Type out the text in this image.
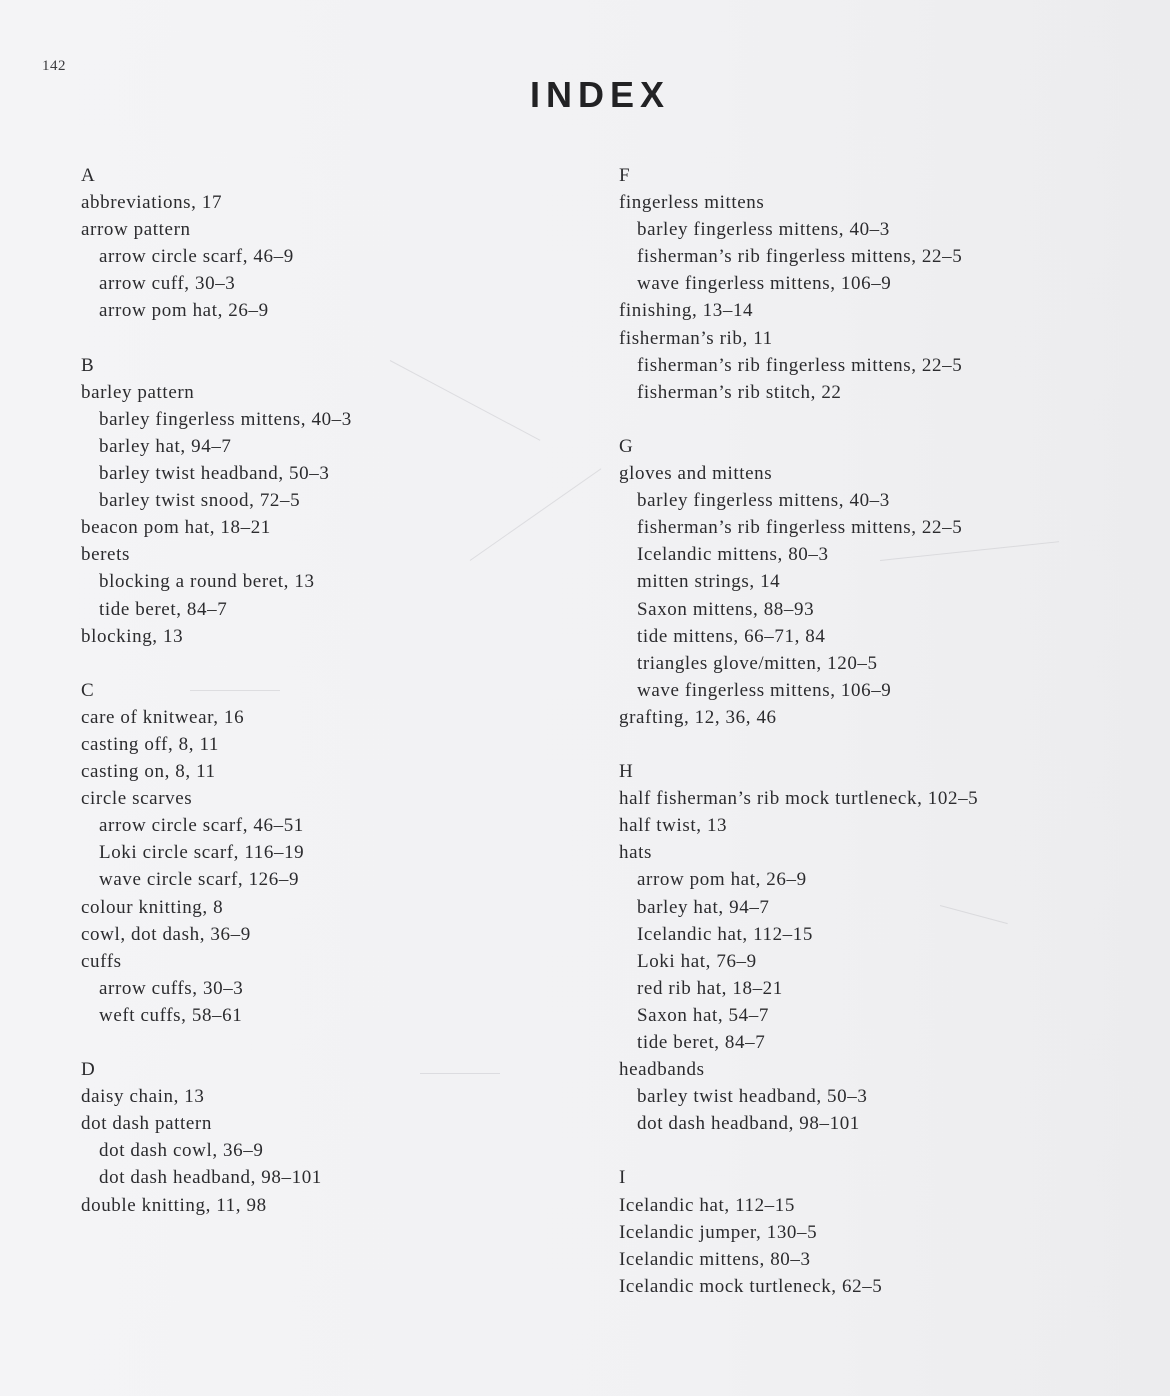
142
INDEX
A
abbreviations, 17
arrow pattern
arrow circle scarf, 46–9
arrow cuff, 30–3
arrow pom hat, 26–9
B
barley pattern
barley fingerless mittens, 40–3
barley hat, 94–7
barley twist headband, 50–3
barley twist snood, 72–5
beacon pom hat, 18–21
berets
blocking a round beret, 13
tide beret, 84–7
blocking, 13
C
care of knitwear, 16
casting off, 8, 11
casting on, 8, 11
circle scarves
arrow circle scarf, 46–51
Loki circle scarf, 116–19
wave circle scarf, 126–9
colour knitting, 8
cowl, dot dash, 36–9
cuffs
arrow cuffs, 30–3
weft cuffs, 58–61
D
daisy chain, 13
dot dash pattern
dot dash cowl, 36–9
dot dash headband, 98–101
double knitting, 11, 98
F
fingerless mittens
barley fingerless mittens, 40–3
fisherman’s rib fingerless mittens, 22–5
wave fingerless mittens, 106–9
finishing, 13–14
fisherman’s rib, 11
fisherman’s rib fingerless mittens, 22–5
fisherman’s rib stitch, 22
G
gloves and mittens
barley fingerless mittens, 40–3
fisherman’s rib fingerless mittens, 22–5
Icelandic mittens, 80–3
mitten strings, 14
Saxon mittens, 88–93
tide mittens, 66–71, 84
triangles glove/mitten, 120–5
wave fingerless mittens, 106–9
grafting, 12, 36, 46
H
half fisherman’s rib mock turtleneck, 102–5
half twist, 13
hats
arrow pom hat, 26–9
barley hat, 94–7
Icelandic hat, 112–15
Loki hat, 76–9
red rib hat, 18–21
Saxon hat, 54–7
tide beret, 84–7
headbands
barley twist headband, 50–3
dot dash headband, 98–101
I
Icelandic hat, 112–15
Icelandic jumper, 130–5
Icelandic mittens, 80–3
Icelandic mock turtleneck, 62–5
